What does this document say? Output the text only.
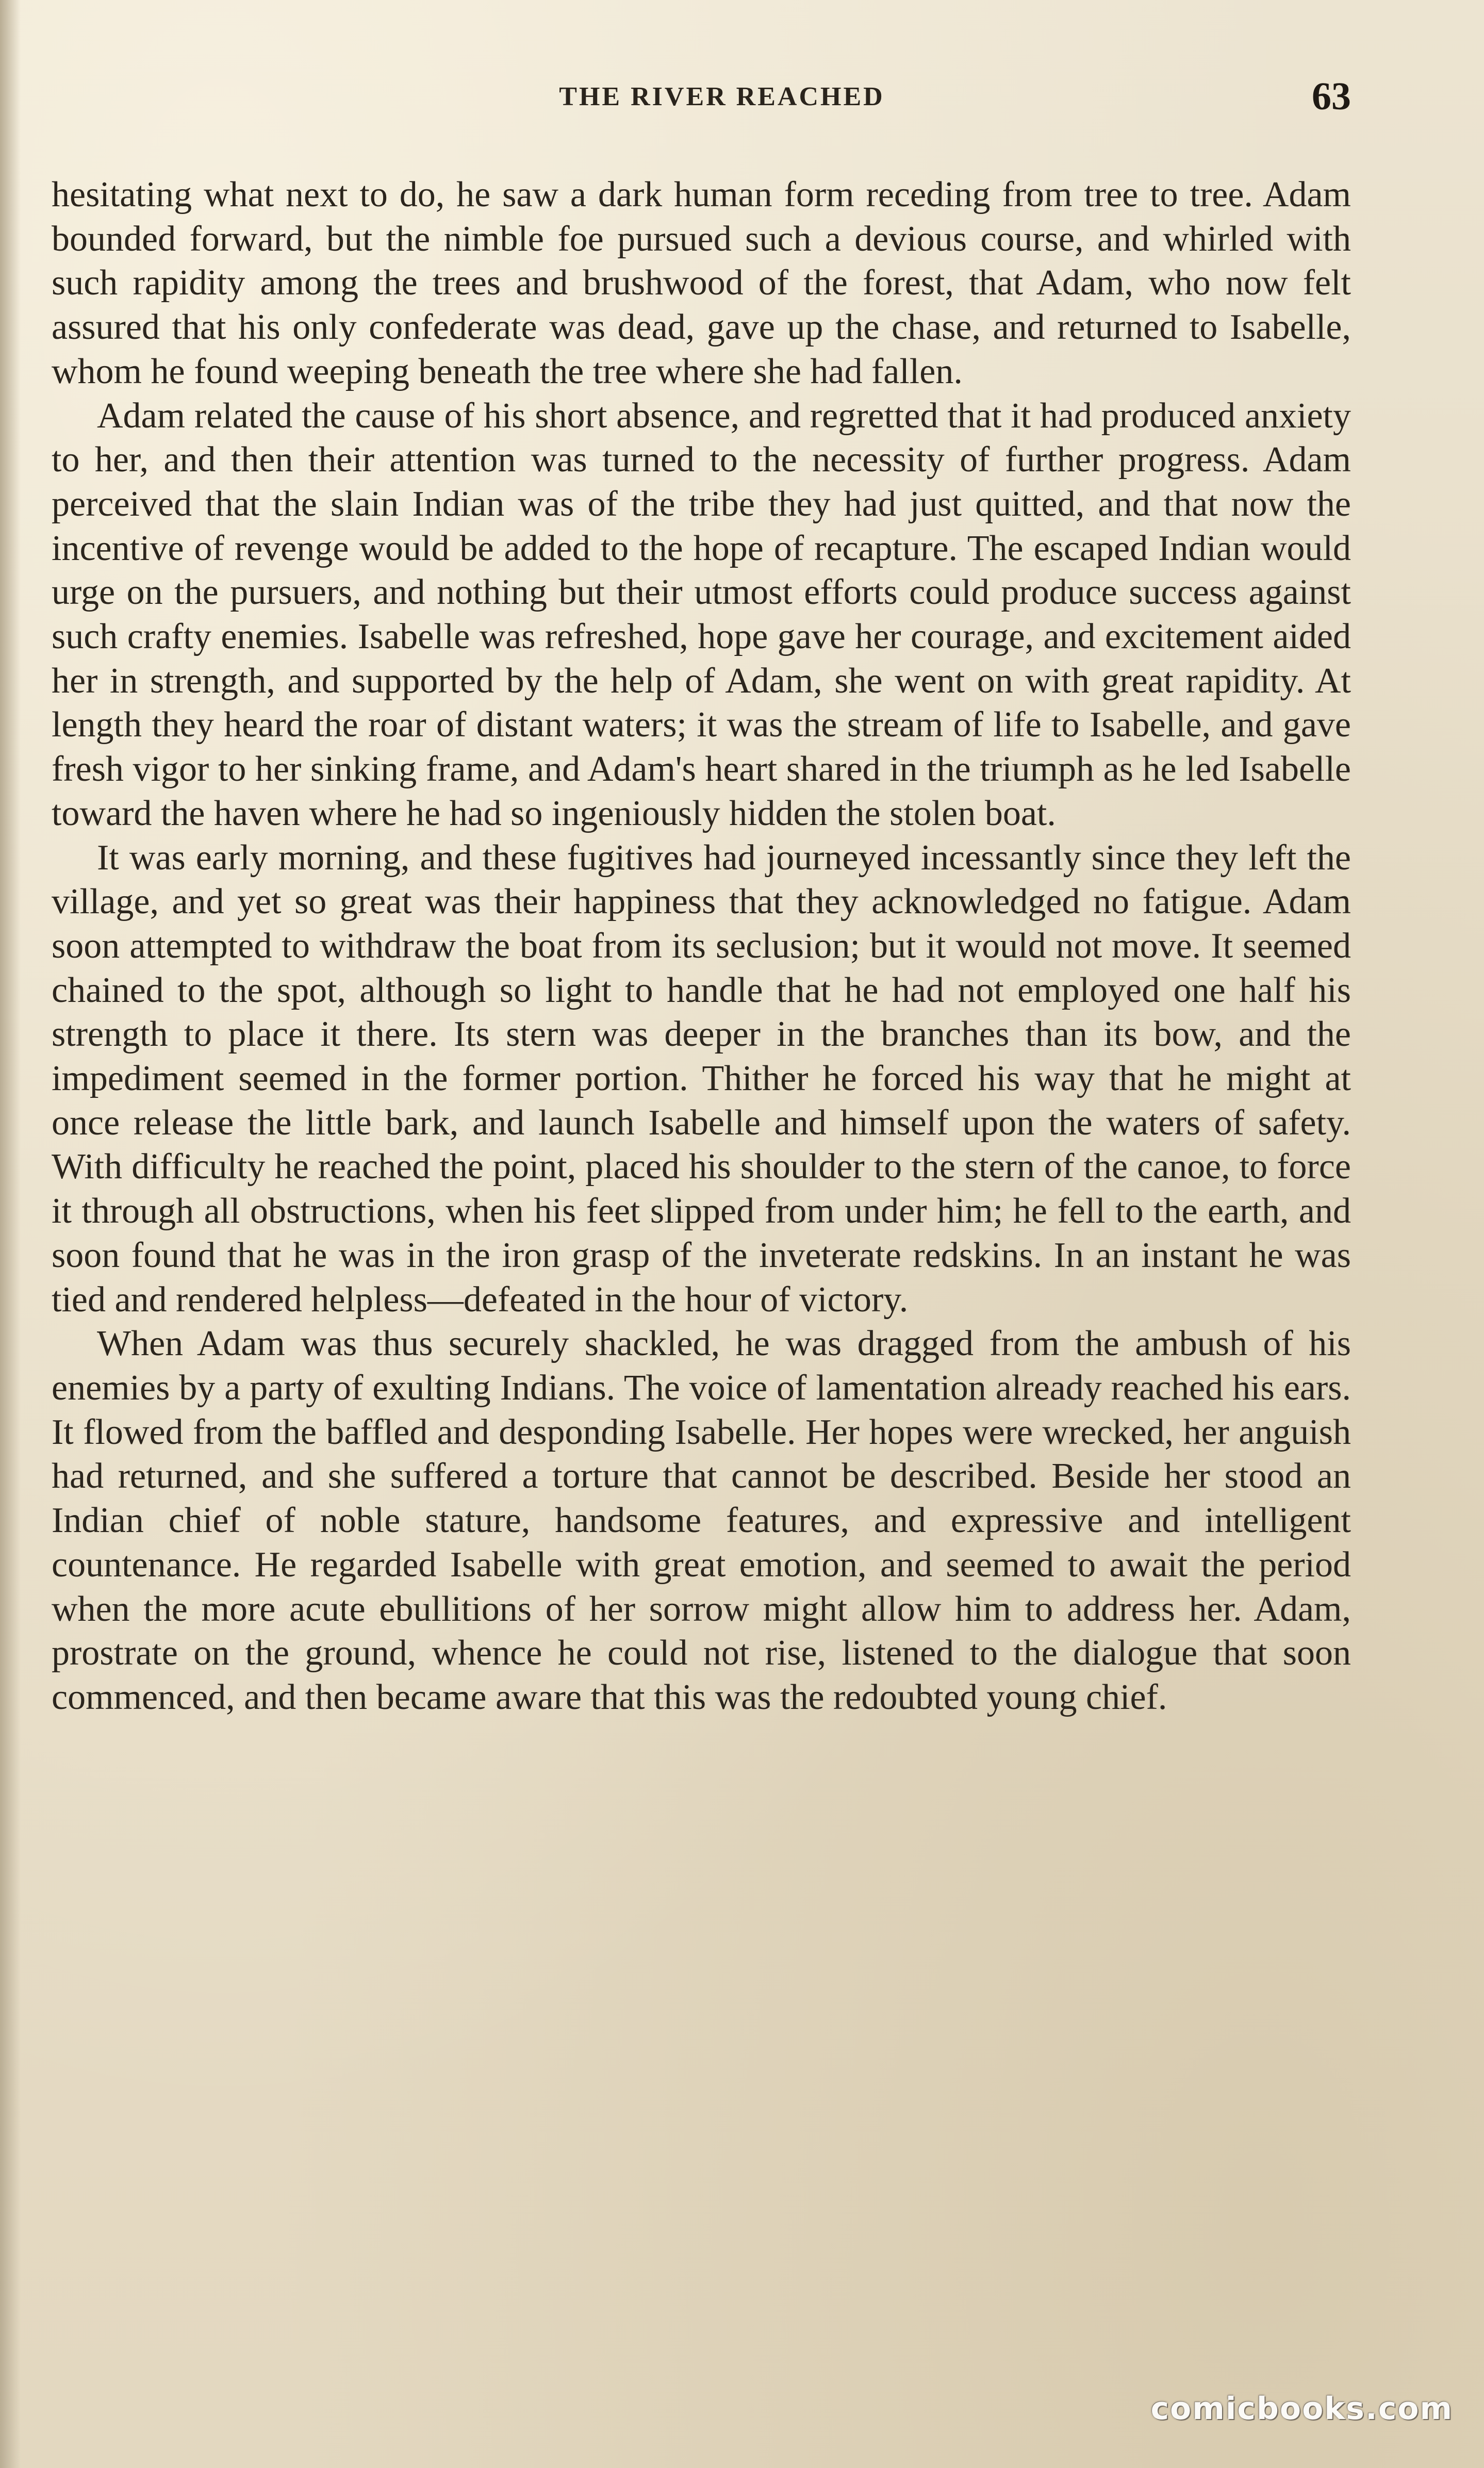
THE RIVER REACHED	63

hesitating what next to do, he saw a dark human form receding from tree to tree. Adam bounded forward, but the nimble foe pursued such a devious course, and whirled with such rapidity among the trees and brushwood of the forest, that Adam, who now felt assured that his only confederate was dead, gave up the chase, and returned to Isabelle, whom he found weeping beneath the tree where she had fallen.

Adam related the cause of his short absence, and regretted that it had produced anxiety to her, and then their attention was turned to the necessity of further progress. Adam perceived that the slain Indian was of the tribe they had just quitted, and that now the incentive of revenge would be added to the hope of recapture. The escaped Indian would urge on the pursuers, and nothing but their utmost efforts could produce success against such crafty enemies. Isabelle was refreshed, hope gave her courage, and excitement aided her in strength, and supported by the help of Adam, she went on with great rapidity. At length they heard the roar of distant waters; it was the stream of life to Isabelle, and gave fresh vigor to her sinking frame, and Adam's heart shared in the triumph as he led Isabelle toward the haven where he had so ingeniously hidden the stolen boat.

It was early morning, and these fugitives had journeyed incessantly since they left the village, and yet so great was their happiness that they acknowledged no fatigue. Adam soon attempted to withdraw the boat from its seclusion; but it would not move. It seemed chained to the spot, although so light to handle that he had not employed one half his strength to place it there. Its stern was deeper in the branches than its bow, and the impediment seemed in the former portion. Thither he forced his way that he might at once release the little bark, and launch Isabelle and himself upon the waters of safety. With difficulty he reached the point, placed his shoulder to the stern of the canoe, to force it through all obstructions, when his feet slipped from under him; he fell to the earth, and soon found that he was in the iron grasp of the inveterate redskins. In an instant he was tied and rendered helpless—defeated in the hour of victory.

When Adam was thus securely shackled, he was dragged from the ambush of his enemies by a party of exulting Indians. The voice of lamentation already reached his ears. It flowed from the baffled and desponding Isabelle. Her hopes were wrecked, her anguish had returned, and she suffered a torture that cannot be described. Beside her stood an Indian chief of noble stature, handsome features, and expressive and intelligent countenance. He regarded Isabelle with great emotion, and seemed to await the period when the more acute ebullitions of her sorrow might allow him to address her. Adam, prostrate on the ground, whence he could not rise, listened to the dialogue that soon commenced, and then became aware that this was the redoubted young chief.

comicbooks.com
